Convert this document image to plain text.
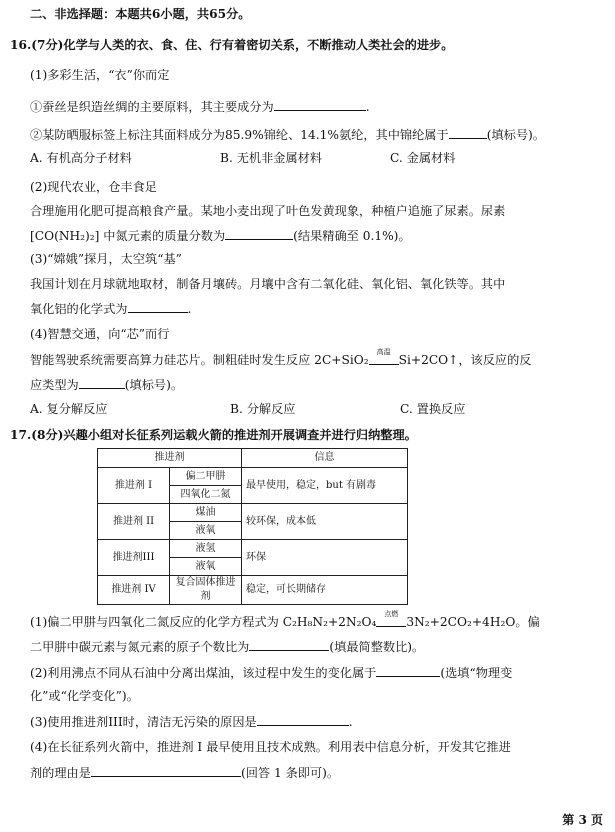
二、非选择题：本题共6小题，共65分。
16.(7分)化学与人类的衣、食、住、行有着密切关系，不断推动人类社会的进步。
(1)多彩生活，“衣”你而定
①蚕丝是织造丝绸的主要原料，其主要成分为	.
②某防晒服标签上标注其面料成分为85.9%锦纶、14.1%氨纶，其中锦纶属于	(填标号)。
A. 有机高分子材料	B. 无机非金属材料	C. 金属材料
(2)现代农业，仓丰食足
合理施用化肥可提高粮食产量。某地小麦出现了叶色发黄现象，种植户追施了尿素。尿素
[CO(NH₂)₂] 中氮元素的质量分数为	(结果精确至 0.1%)。
(3)“嫦娥”探月，太空筑“基”
我国计划在月球就地取材，制备月壤砖。月壤中含有二氧化硅、氧化铝、氧化铁等。其中
氧化铝的化学式为	.
(4)智慧交通，向“芯”而行
智能驾驶系统需要高算力硅芯片。制粗硅时发生反应 2C+SiO₂
高温
Si+2CO↑，该反应的反
应类型为	(填标号)。
A. 复分解反应	B. 分解反应	C. 置换反应
17.(8分)兴趣小组对长征系列运载火箭的推进剂开展调查并进行归纳整理。
推进剂		信息
推进剂 I	偏二甲肼	最早使用，稳定，but 有剧毒
	四氧化二氮	
推进剂 II	煤油	较环保，成本低
	液氧	
推进剂III	液氢	环保
	液氧	
推进剂 IV	复合固体推进剂	稳定，可长期储存
(1)偏二甲肼与四氧化二氮反应的化学方程式为 C₂H₈N₂+2N₂O₄
点燃
3N₂+2CO₂+4H₂O。偏
二甲肼中碳元素与氮元素的原子个数比为	(填最简整数比)。
(2)利用沸点不同从石油中分离出煤油，该过程中发生的变化属于	(选填“物理变
化”或“化学变化”)。
(3)使用推进剂III时，清洁无污染的原因是	.
(4)在长征系列火箭中，推进剂 I 最早使用且技术成熟。利用表中信息分析，开发其它推进
剂的理由是	(回答 1 条即可)。
第 3 页
